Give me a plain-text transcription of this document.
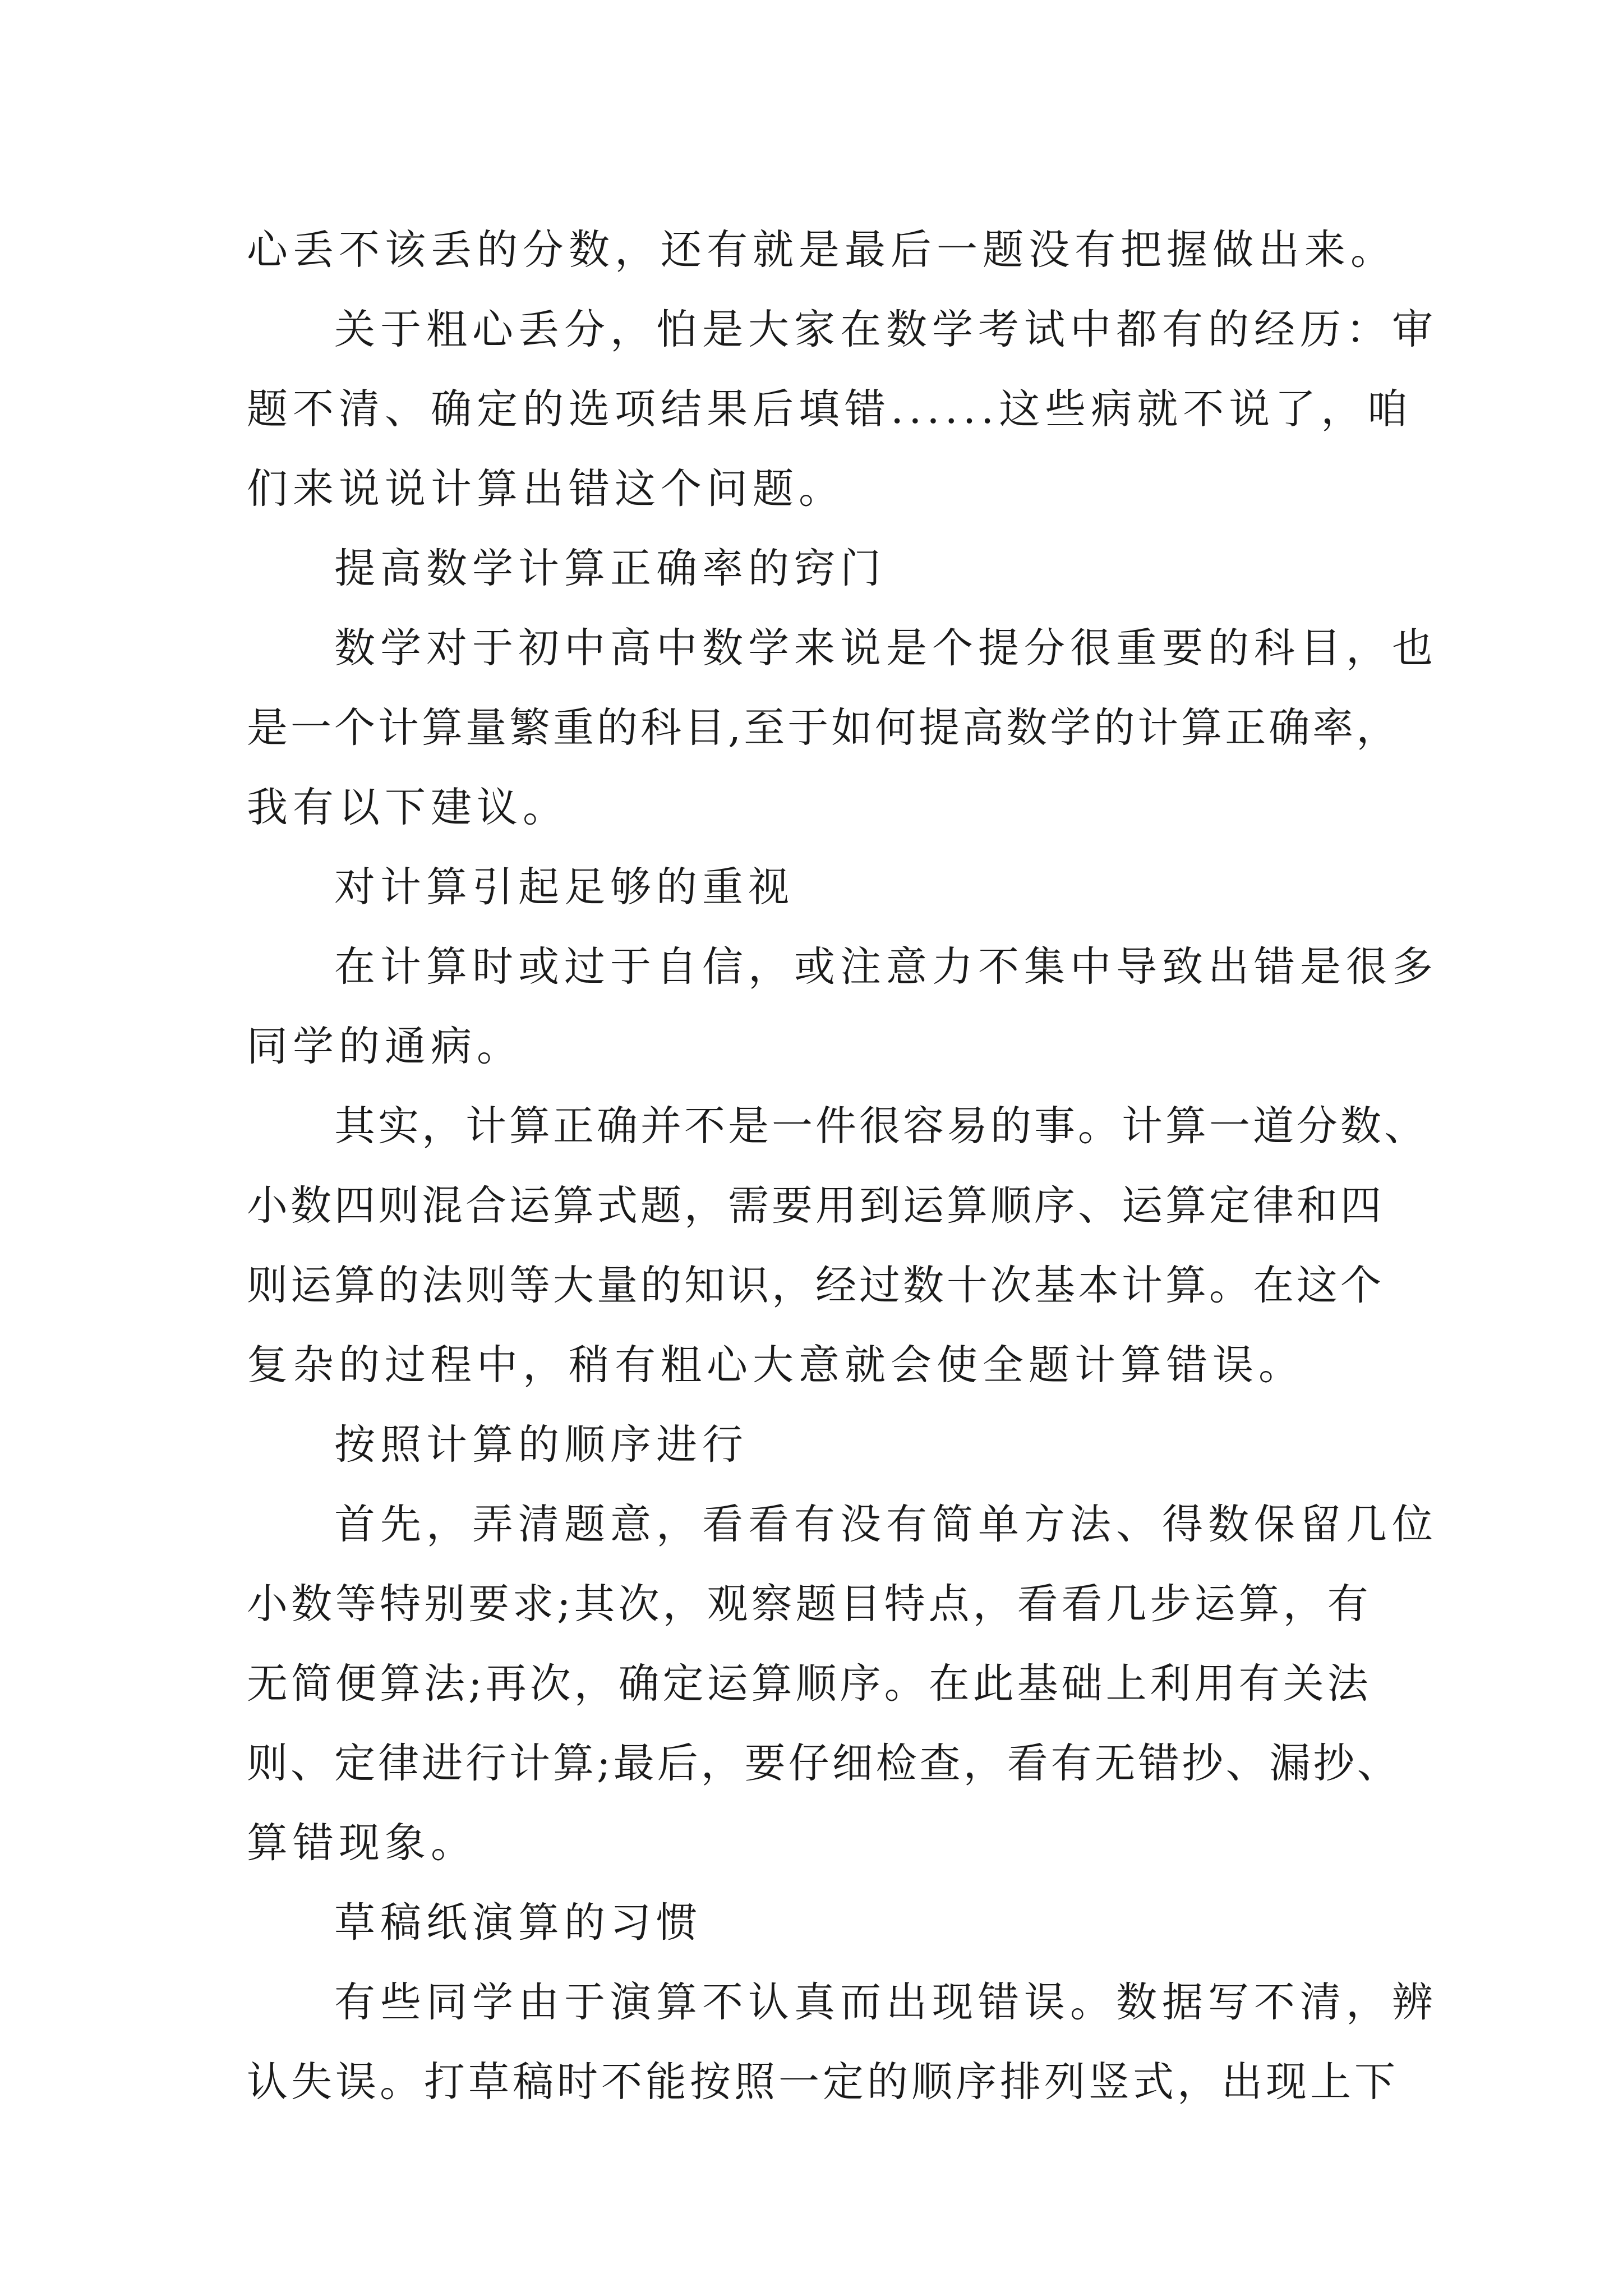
心丢不该丢的分数，还有就是最后一题没有把握做出来。
关于粗心丢分，怕是大家在数学考试中都有的经历：审
题不清、确定的选项结果后填错......这些病就不说了，咱
们来说说计算出错这个问题。
提高数学计算正确率的窍门
数学对于初中高中数学来说是个提分很重要的科目，也
是一个计算量繁重的科目,至于如何提高数学的计算正确率，
我有以下建议。
对计算引起足够的重视
在计算时或过于自信，或注意力不集中导致出错是很多
同学的通病。
其实，计算正确并不是一件很容易的事。计算一道分数、
小数四则混合运算式题，需要用到运算顺序、运算定律和四
则运算的法则等大量的知识，经过数十次基本计算。在这个
复杂的过程中，稍有粗心大意就会使全题计算错误。
按照计算的顺序进行
首先，弄清题意，看看有没有简单方法、得数保留几位
小数等特别要求;其次，观察题目特点，看看几步运算，有
无简便算法;再次，确定运算顺序。在此基础上利用有关法
则、定律进行计算;最后，要仔细检查，看有无错抄、漏抄、
算错现象。
草稿纸演算的习惯
有些同学由于演算不认真而出现错误。数据写不清，辨
认失误。打草稿时不能按照一定的顺序排列竖式，出现上下
